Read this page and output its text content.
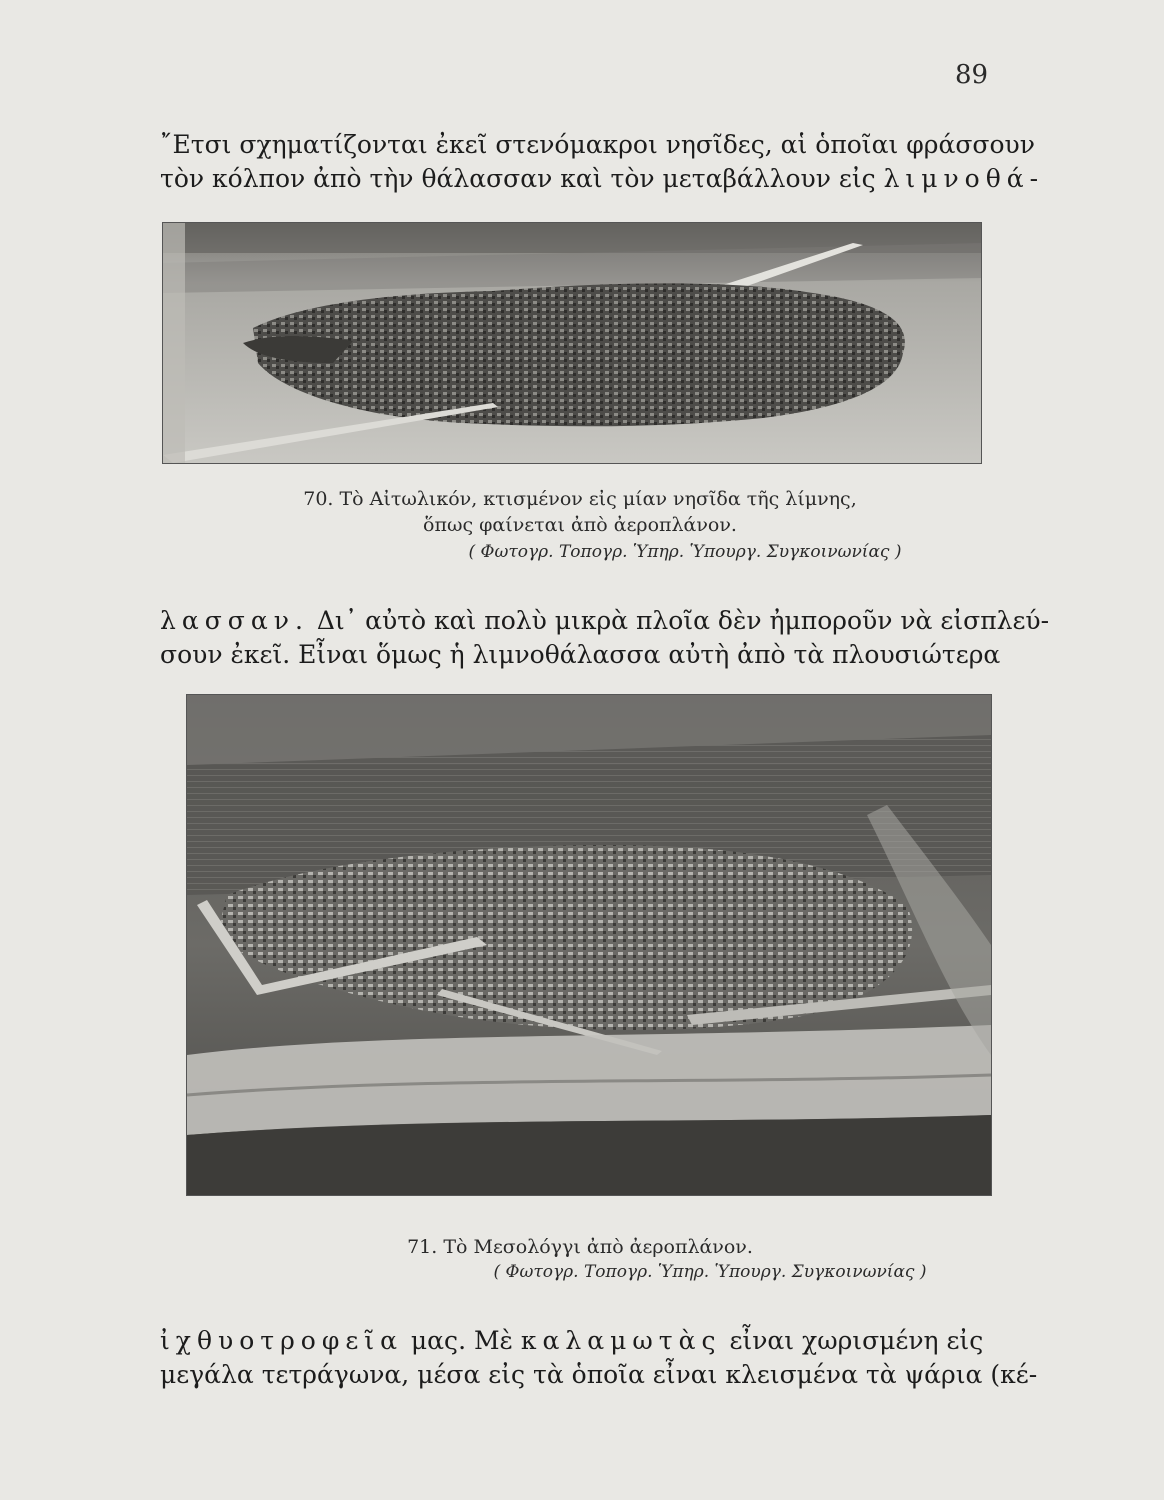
89
῎Ετσι σχηματίζονται ἐκεῖ στενόμακροι νησῖδες, αἱ ὁποῖαι φράσσουν
τὸν κόλπον ἀπὸ τὴν θάλασσαν καὶ τὸν μεταβάλλουν εἰς λιμνοθά-
70. Τὸ Αἰτωλικόν, κτισμένον εἰς μίαν νησῖδα τῆς λίμνης,
ὅπως φαίνεται ἀπὸ ἀεροπλάνον.
( Φωτογρ. Τοπογρ. Ὑπηρ. Ὑπουργ. Συγκοινωνίας )
λασσαν. Δι᾿ αὐτὸ καὶ πολὺ μικρὰ πλοῖα δὲν ἠμποροῦν νὰ εἰσπλεύ-
σουν ἐκεῖ. Εἶναι ὅμως ἡ λιμνοθάλασσα αὐτὴ ἀπὸ τὰ πλουσιώτερα
71. Τὸ Μεσολόγγι ἀπὸ ἀεροπλάνον.
( Φωτογρ. Τοπογρ. Ὑπηρ. Ὑπουργ. Συγκοινωνίας )
ἰχθυοτροφεῖα μας. Μὲ καλαμωτὰς εἶναι χωρισμένη εἰς
μεγάλα τετράγωνα, μέσα εἰς τὰ ὁποῖα εἶναι κλεισμένα τὰ ψάρια (κέ-
